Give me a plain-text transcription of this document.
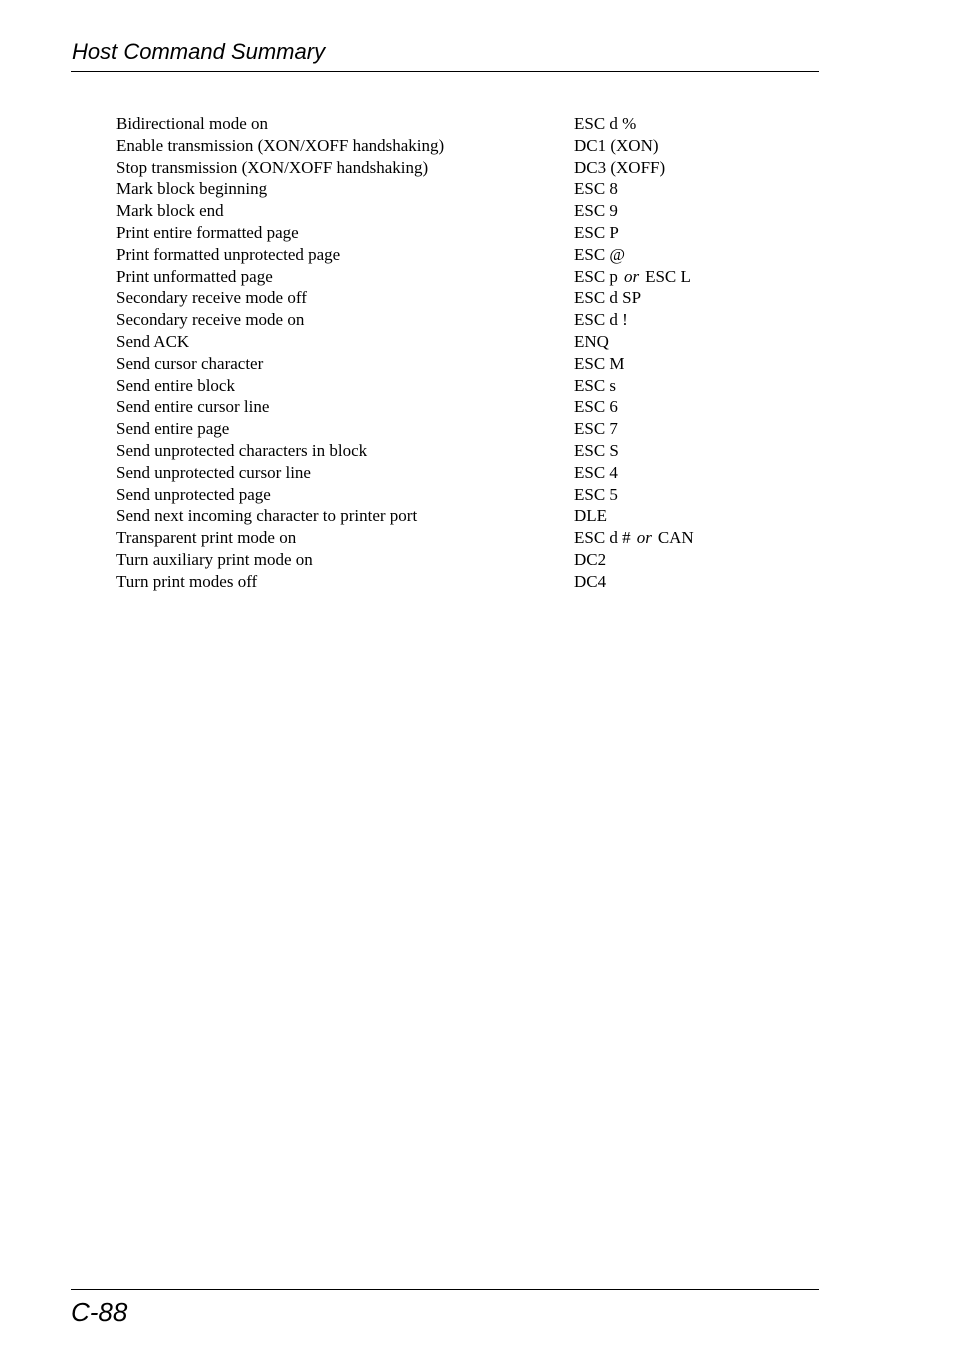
Host Command Summary
Bidirectional mode on	ESC d %
Enable transmission (XON/XOFF handshaking)	DC1 (XON)
Stop transmission (XON/XOFF handshaking)	DC3 (XOFF)
Mark block beginning	ESC 8
Mark block end	ESC 9
Print entire formatted page	ESC P
Print formatted unprotected page	ESC @
Print unformatted page	ESC p or ESC L
Secondary receive mode off	ESC d SP
Secondary receive mode on	ESC d !
Send ACK	ENQ
Send cursor character	ESC M
Send entire block	ESC s
Send entire cursor line	ESC 6
Send entire page	ESC 7
Send unprotected characters in block	ESC S
Send unprotected cursor line	ESC 4
Send unprotected page	ESC 5
Send next incoming character to printer port	DLE
Transparent print mode on	ESC d # or CAN
Turn auxiliary print mode on	DC2
Turn print modes off	DC4
C-88
